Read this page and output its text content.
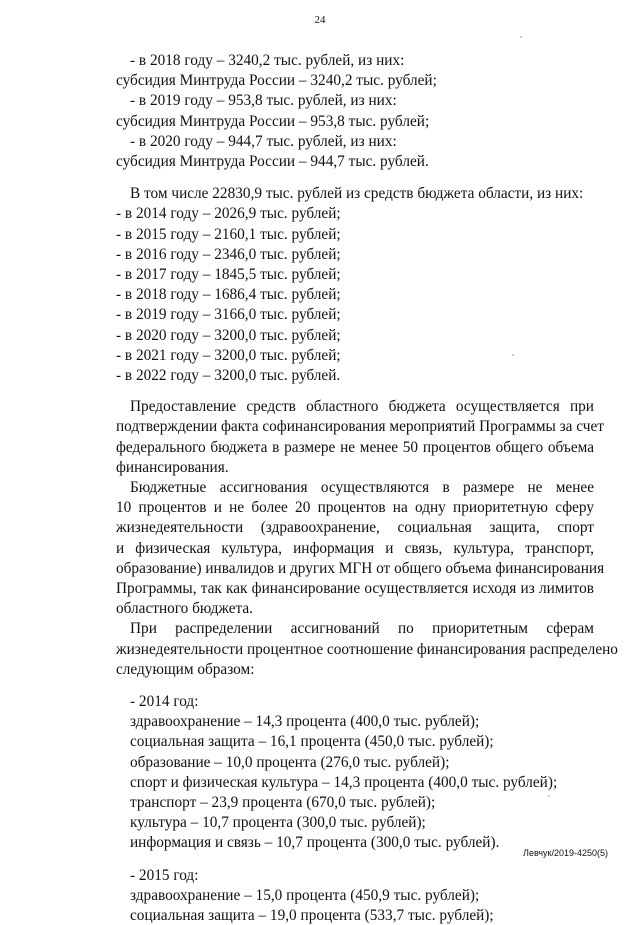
24
- в 2018 году – 3240,2 тыс. рублей, из них:
субсидия Минтруда России – 3240,2 тыс. рублей;
- в 2019 году – 953,8 тыс. рублей, из них:
субсидия Минтруда России – 953,8 тыс. рублей;
- в 2020 году – 944,7 тыс. рублей, из них:
субсидия Минтруда России – 944,7 тыс. рублей.
В том числе 22830,9 тыс. рублей из средств бюджета области, из них:
- в 2014 году – 2026,9 тыс. рублей;
- в 2015 году – 2160,1 тыс. рублей;
- в 2016 году – 2346,0 тыс. рублей;
- в 2017 году – 1845,5 тыс. рублей;
- в 2018 году – 1686,4 тыс. рублей;
- в 2019 году – 3166,0 тыс. рублей;
- в 2020 году – 3200,0 тыс. рублей;
- в 2021 году – 3200,0 тыс. рублей;
- в 2022 году – 3200,0 тыс. рублей.
Предоставление средств областного бюджета осуществляется при
подтверждении факта софинансирования мероприятий Программы за счет
федерального бюджета в размере не менее 50 процентов общего объема
финансирования.
Бюджетные ассигнования осуществляются в размере не менее
10 процентов и не более 20 процентов на одну приоритетную сферу
жизнедеятельности (здравоохранение, социальная защита, спорт
и физическая культура, информация и связь, культура, транспорт,
образование) инвалидов и других МГН от общего объема финансирования
Программы, так как финансирование осуществляется исходя из лимитов
областного бюджета.
При распределении ассигнований по приоритетным сферам
жизнедеятельности процентное соотношение финансирования распределено
следующим образом:
- 2014 год:
здравоохранение – 14,3 процента (400,0 тыс. рублей);
социальная защита – 16,1 процента (450,0 тыс. рублей);
образование – 10,0 процента (276,0 тыс. рублей);
спорт и физическая культура – 14,3 процента (400,0 тыс. рублей);
транспорт – 23,9 процента (670,0 тыс. рублей);
культура – 10,7 процента (300,0 тыс. рублей);
информация и связь – 10,7 процента (300,0 тыс. рублей).
Левчук/2019-4250(5)
- 2015 год:
здравоохранение – 15,0 процента (450,9 тыс. рублей);
социальная защита – 19,0 процента (533,7 тыс. рублей);
